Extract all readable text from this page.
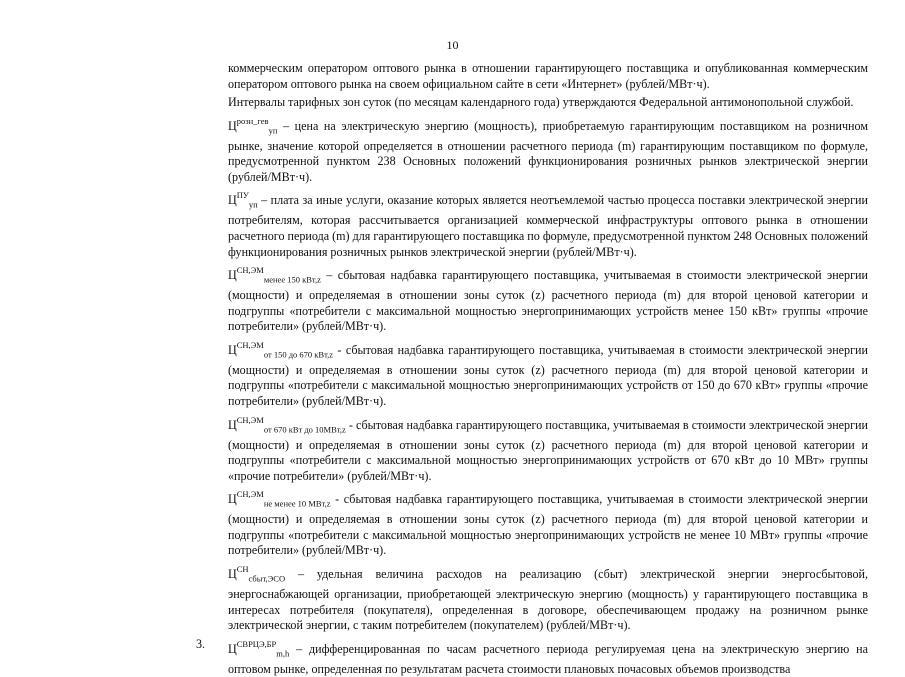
10

коммерческим оператором оптового рынка в отношении гарантирующего поставщика и опубликованная коммерческим оператором оптового рынка на своем официальном сайте в сети «Интернет» (рублей/МВт·ч).

Интервалы тарифных зон суток (по месяцам календарного года) утверждаются Федеральной антимонопольной службой.

$Ц^{розн\_гев}_{уп}$ – цена на электрическую энергию (мощность), приобретаемую гарантирующим поставщиком на розничном рынке, значение которой определяется в отношении расчетного периода (m) гарантирующим поставщиком по формуле, предусмотренной пунктом 238 Основных положений функционирования розничных рынков электрической энергии (рублей/МВт·ч).

$Ц^{ПУ}_{уп}$ – плата за иные услуги, оказание которых является неотъемлемой частью процесса поставки электрической энергии потребителям, которая рассчитывается организацией коммерческой инфраструктуры оптового рынка в отношении расчетного периода (m) для гарантирующего поставщика по формуле, предусмотренной пунктом 248 Основных положений функционирования розничных рынков электрической энергии (рублей/МВт·ч).

$Ц^{СН,ЭМ}_{менее 150 кВт,z}$ – сбытовая надбавка гарантирующего поставщика, учитываемая в стоимости электрической энергии (мощности) и определяемая в отношении зоны суток (z) расчетного периода (m) для второй ценовой категории и подгруппы «потребители с максимальной мощностью энергопринимающих устройств менее 150 кВт» группы «прочие потребители» (рублей/МВт·ч).

$Ц^{СН,ЭМ}_{от 150 до 670 кВт,z}$ - сбытовая надбавка гарантирующего поставщика, учитываемая в стоимости электрической энергии (мощности) и определяемая в отношении зоны суток (z) расчетного периода (m) для второй ценовой категории и подгруппы «потребители с максимальной мощностью энергопринимающих устройств от 150 до 670 кВт» группы «прочие потребители» (рублей/МВт·ч).

$Ц^{СН,ЭМ}_{от 670 кВт до 10МВт,z}$ - сбытовая надбавка гарантирующего поставщика, учитываемая в стоимости электрической энергии (мощности) и определяемая в отношении зоны суток (z) расчетного периода (m) для второй ценовой категории и подгруппы «потребители с максимальной мощностью энергопринимающих устройств от 670 кВт до 10 МВт» группы «прочие потребители» (рублей/МВт·ч).

$Ц^{СН,ЭМ}_{не менее 10 МВт,z}$ - сбытовая надбавка гарантирующего поставщика, учитываемая в стоимости электрической энергии (мощности) и определяемая в отношении зоны суток (z) расчетного периода (m) для второй ценовой категории и подгруппы «потребители с максимальной мощностью энергопринимающих устройств не менее 10 МВт» группы «прочие потребители» (рублей/МВт·ч).

$Ц^{СН}_{сбыт,ЭСО}$ – удельная величина расходов на реализацию (сбыт) электрической энергии энергосбытовой, энергоснабжающей организации, приобретающей электрическую энергию (мощность) у гарантирующего поставщика в интересах потребителя (покупателя), определенная в договоре, обеспечивающем продажу на розничном рынке электрической энергии, с таким потребителем (покупателем) (рублей/МВт·ч).

3. $Ц^{СВРЦЭ,БР}_{m,h}$ – дифференцированная по часам расчетного периода регулируемая цена на электрическую энергию на оптовом рынке, определенная по результатам расчета стоимости плановых почасовых объемов производства
